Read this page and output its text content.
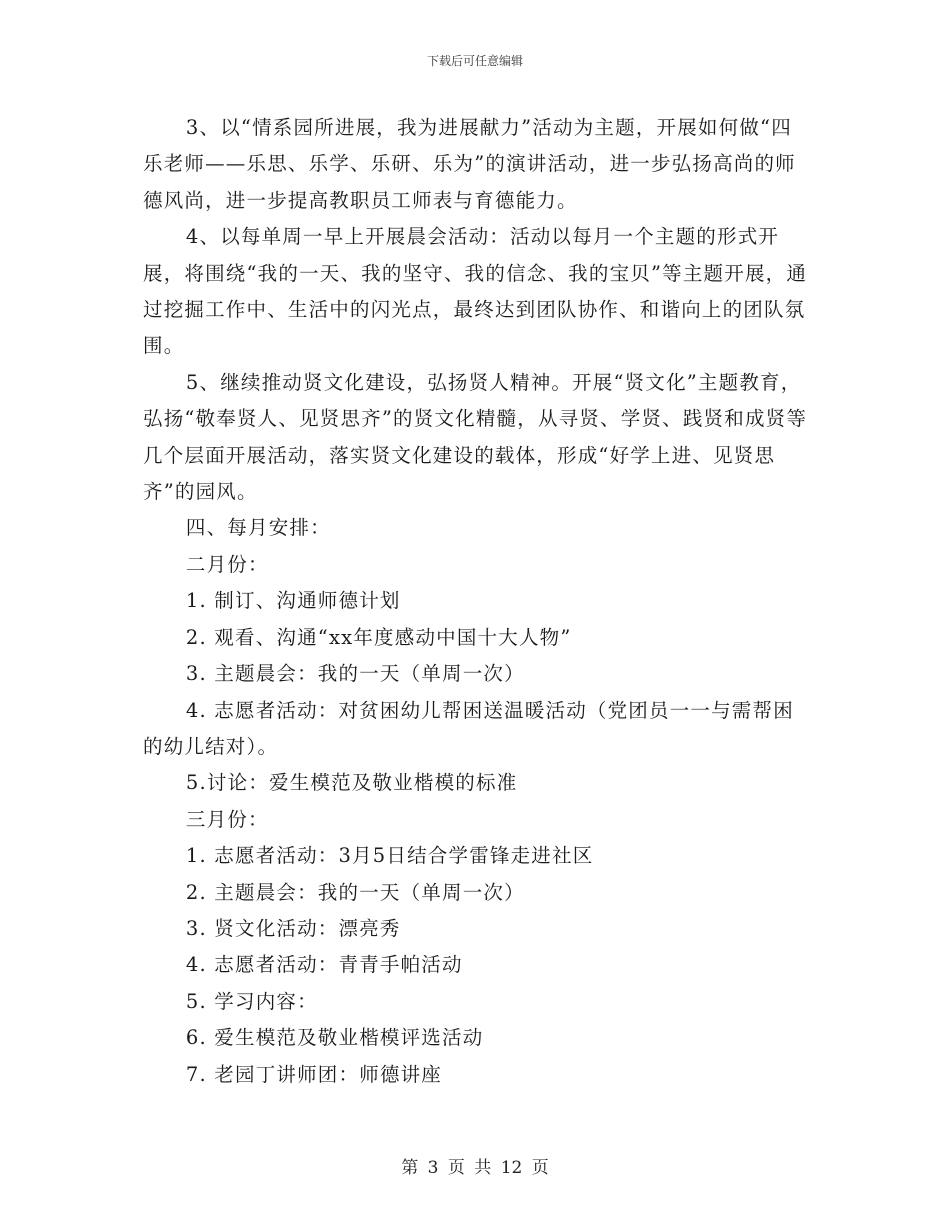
下载后可任意编辑

3、以“情系园所进展，我为进展献力”活动为主题，开展如何做“四乐老师——乐思、乐学、乐研、乐为”的演讲活动，进一步弘扬高尚的师德风尚，进一步提高教职员工师表与育德能力。

4、以每单周一早上开展晨会活动：活动以每月一个主题的形式开展，将围绕“我的一天、我的坚守、我的信念、我的宝贝”等主题开展，通过挖掘工作中、生活中的闪光点，最终达到团队协作、和谐向上的团队氛围。

5、继续推动贤文化建设，弘扬贤人精神。开展“贤文化”主题教育，弘扬“敬奉贤人、见贤思齐”的贤文化精髓，从寻贤、学贤、践贤和成贤等几个层面开展活动，落实贤文化建设的载体，形成“好学上进、见贤思齐”的园风。

四、每月安排：

二月份：

1. 制订、沟通师德计划

2. 观看、沟通“xx年度感动中国十大人物”

3. 主题晨会：我的一天（单周一次）

4. 志愿者活动：对贫困幼儿帮困送温暖活动（党团员一一与需帮困的幼儿结对）。

5.讨论：爱生模范及敬业楷模的标准

三月份：

1. 志愿者活动：3月5日结合学雷锋走进社区

2. 主题晨会：我的一天（单周一次）

3. 贤文化活动：漂亮秀

4. 志愿者活动：青青手帕活动

5. 学习内容：

6. 爱生模范及敬业楷模评选活动

7. 老园丁讲师团：师德讲座

第 3 页 共 12 页
